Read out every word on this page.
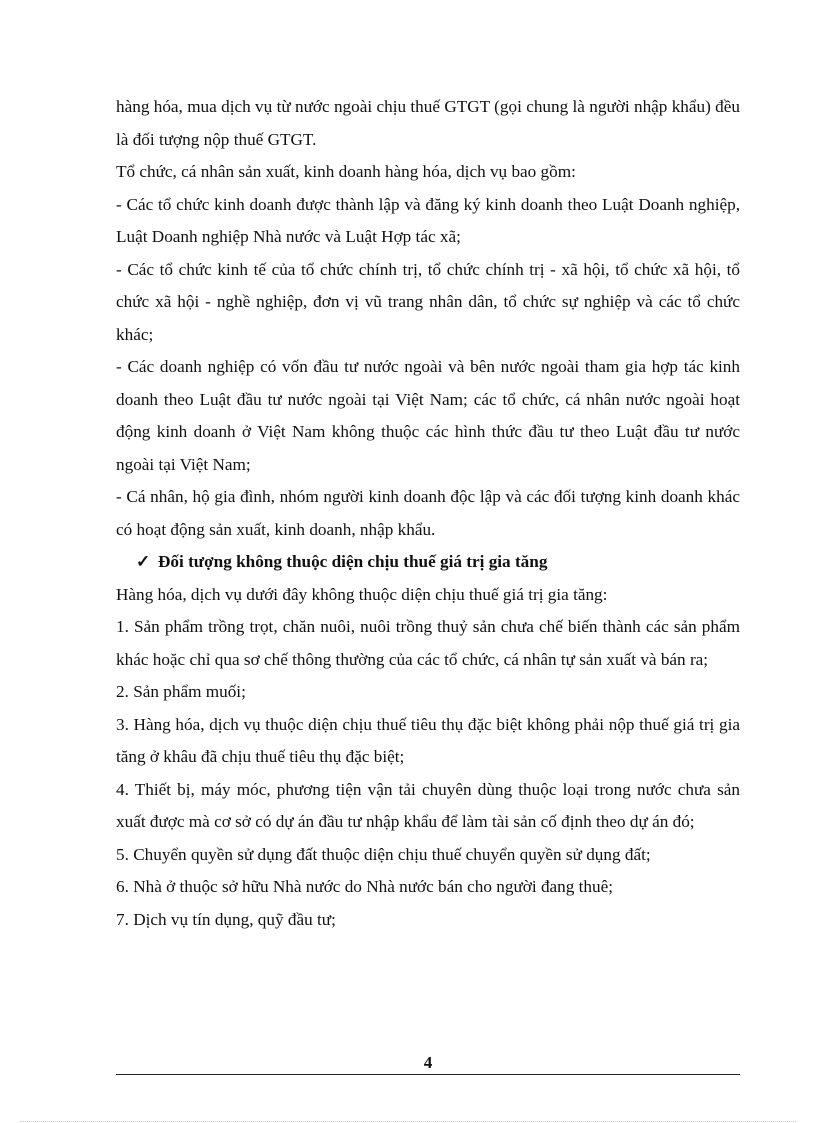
hàng hóa, mua dịch vụ từ nước ngoài chịu thuế GTGT (gọi chung là người nhập khẩu) đều là đối tượng nộp thuế GTGT.

Tổ chức, cá nhân sản xuất, kinh doanh hàng hóa, dịch vụ bao gồm:

- Các tổ chức kinh doanh được thành lập và đăng ký kinh doanh theo Luật Doanh nghiệp, Luật Doanh nghiệp Nhà nước và Luật Hợp tác xã;

- Các tổ chức kinh tế của tổ chức chính trị, tổ chức chính trị - xã hội, tổ chức xã hội, tổ chức xã hội - nghề nghiệp, đơn vị vũ trang nhân dân, tổ chức sự nghiệp và các tổ chức khác;

- Các doanh nghiệp có vốn đầu tư nước ngoài và bên nước ngoài tham gia hợp tác kinh doanh theo Luật đầu tư nước ngoài tại Việt Nam; các tổ chức, cá nhân nước ngoài hoạt động kinh doanh ở Việt Nam không thuộc các hình thức đầu tư theo Luật đầu tư nước ngoài tại Việt Nam;

- Cá nhân, hộ gia đình, nhóm người kinh doanh độc lập và các đối tượng kinh doanh khác có hoạt động sản xuất, kinh doanh, nhập khẩu.

✓ Đối tượng không thuộc diện chịu thuế giá trị gia tăng

Hàng hóa, dịch vụ dưới đây không thuộc diện chịu thuế giá trị gia tăng:

1. Sản phẩm trồng trọt, chăn nuôi, nuôi trồng thuỷ sản chưa chế biến thành các sản phẩm khác hoặc chỉ qua sơ chế thông thường của các tổ chức, cá nhân tự sản xuất và bán ra;

2. Sản phẩm muối;

3. Hàng hóa, dịch vụ thuộc diện chịu thuế tiêu thụ đặc biệt không phải nộp thuế giá trị gia tăng ở khâu đã chịu thuế tiêu thụ đặc biệt;

4. Thiết bị, máy móc, phương tiện vận tải chuyên dùng thuộc loại trong nước chưa sản xuất được mà cơ sở có dự án đầu tư nhập khẩu để làm tài sản cố định theo dự án đó;

5. Chuyển quyền sử dụng đất thuộc diện chịu thuế chuyển quyền sử dụng đất;

6. Nhà ở thuộc sở hữu Nhà nước do Nhà nước bán cho người đang thuê;

7. Dịch vụ tín dụng, quỹ đầu tư;

4
